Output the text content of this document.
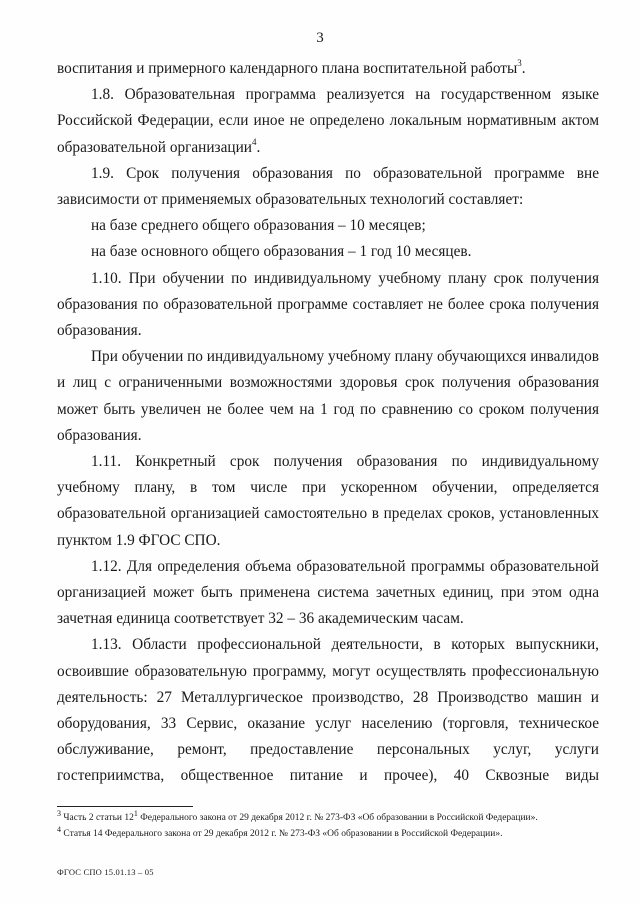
3

воспитания и примерного календарного плана воспитательной работы$^3$.

1.8. Образовательная программа реализуется на государственном языке Российской Федерации, если иное не определено локальным нормативным актом образовательной организации$^4$.

1.9. Срок получения образования по образовательной программе вне зависимости от применяемых образовательных технологий составляет:

на базе среднего общего образования – 10 месяцев;

на базе основного общего образования – 1 год 10 месяцев.

1.10. При обучении по индивидуальному учебному плану срок получения образования по образовательной программе составляет не более срока получения образования.

При обучении по индивидуальному учебному плану обучающихся инвалидов и лиц с ограниченными возможностями здоровья срок получения образования может быть увеличен не более чем на 1 год по сравнению со сроком получения образования.

1.11. Конкретный срок получения образования по индивидуальному учебному плану, в том числе при ускоренном обучении, определяется образовательной организацией самостоятельно в пределах сроков, установленных пунктом 1.9 ФГОС СПО.

1.12. Для определения объема образовательной программы образовательной организацией может быть применена система зачетных единиц, при этом одна зачетная единица соответствует 32 – 36 академическим часам.

1.13. Области профессиональной деятельности, в которых выпускники, освоившие образовательную программу, могут осуществлять профессиональную деятельность: 27 Металлургическое производство, 28 Производство машин и оборудования, 33 Сервис, оказание услуг населению (торговля, техническое обслуживание, ремонт, предоставление персональных услуг, услуги гостеприимства, общественное питание и прочее), 40 Сквозные виды

$^3$ Часть 2 статьи $12^1$ Федерального закона от 29 декабря 2012 г. № 273-ФЗ «Об образовании в Российской Федерации».
$^4$ Статья 14 Федерального закона от 29 декабря 2012 г. № 273-ФЗ «Об образовании в Российской Федерации».
ФГОС СПО 15.01.13 – 05
